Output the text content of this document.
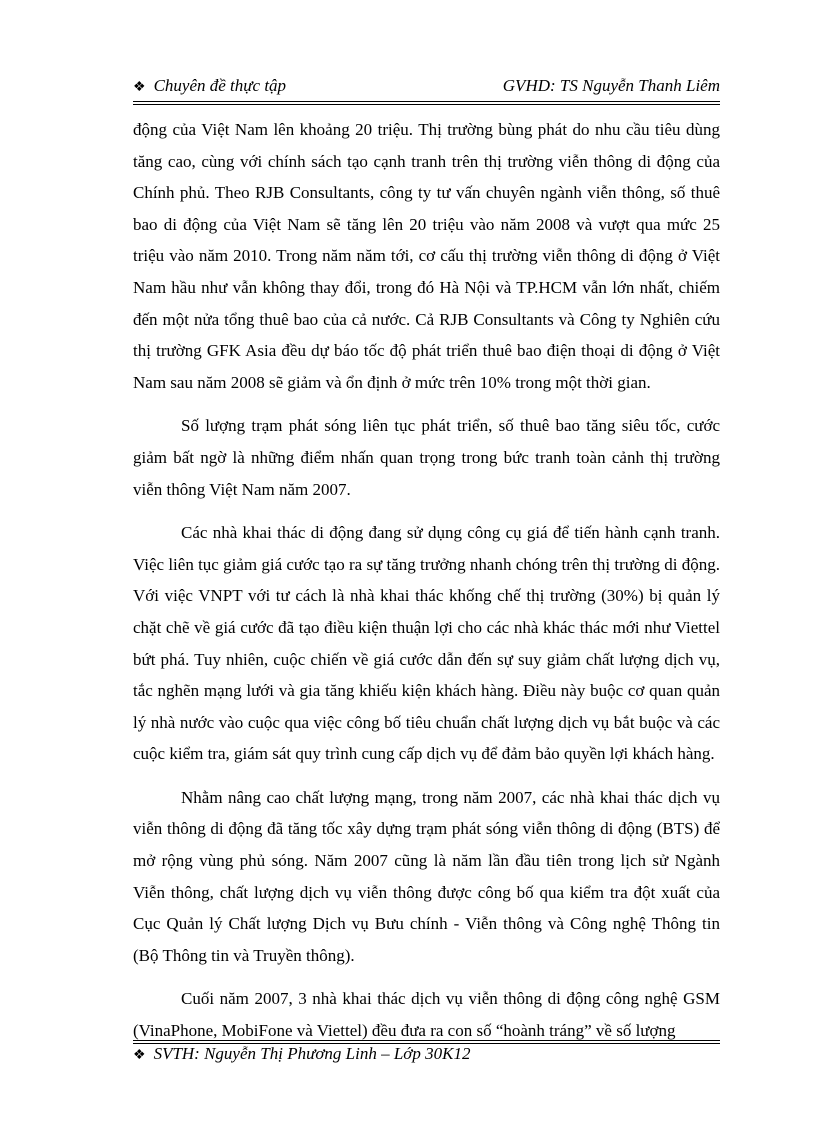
❖ Chuyên đề thực tập	GVHD: TS Nguyễn Thanh Liêm

động của Việt Nam lên khoảng 20 triệu. Thị trường bùng phát do nhu cầu tiêu dùng tăng cao, cùng với chính sách tạo cạnh tranh trên thị trường viễn thông di động của Chính phủ. Theo RJB Consultants, công ty tư vấn chuyên ngành viễn thông, số thuê bao di động của Việt Nam sẽ tăng lên 20 triệu vào năm 2008 và vượt qua mức 25 triệu vào năm 2010. Trong năm năm tới, cơ cấu thị trường viễn thông di động ở Việt Nam hầu như vẫn không thay đổi, trong đó Hà Nội và TP.HCM vẫn lớn nhất, chiếm đến một nửa tổng thuê bao của cả nước. Cả RJB Consultants và Công ty Nghiên cứu thị trường GFK Asia đều dự báo tốc độ phát triển thuê bao điện thoại di động ở Việt Nam sau năm 2008 sẽ giảm và ổn định ở mức trên 10% trong một thời gian.

Số lượng trạm phát sóng liên tục phát triển, số thuê bao tăng siêu tốc, cước giảm bất ngờ là những điểm nhấn quan trọng trong bức tranh toàn cảnh thị trường viễn thông Việt Nam năm 2007.

Các nhà khai thác di động đang sử dụng công cụ giá để tiến hành cạnh tranh. Việc liên tục giảm giá cước tạo ra sự tăng trưởng nhanh chóng trên thị trường di động. Với việc VNPT với tư cách là nhà khai thác khống chế thị trường (30%) bị quản lý chặt chẽ về giá cước đã tạo điều kiện thuận lợi cho các nhà khác thác mới như Viettel bứt phá. Tuy nhiên, cuộc chiến về giá cước dẫn đến sự suy giảm chất lượng dịch vụ, tắc nghẽn mạng lưới và gia tăng khiếu kiện khách hàng. Điều này buộc cơ quan quản lý nhà nước vào cuộc qua việc công bố tiêu chuẩn chất lượng dịch vụ bắt buộc và các cuộc kiểm tra, giám sát quy trình cung cấp dịch vụ để đảm bảo quyền lợi khách hàng.

Nhằm nâng cao chất lượng mạng, trong năm 2007, các nhà khai thác dịch vụ viễn thông di động đã tăng tốc xây dựng trạm phát sóng viễn thông di động (BTS) để mở rộng vùng phủ sóng. Năm 2007 cũng là năm lần đầu tiên trong lịch sử Ngành Viễn thông, chất lượng dịch vụ viễn thông được công bố qua kiểm tra đột xuất của Cục Quản lý Chất lượng Dịch vụ Bưu chính - Viễn thông và Công nghệ Thông tin (Bộ Thông tin và Truyền thông).

Cuối năm 2007, 3 nhà khai thác dịch vụ viễn thông di động công nghệ GSM (VinaPhone, MobiFone và Viettel) đều đưa ra con số “hoành tráng” về số lượng

❖ SVTH: Nguyễn Thị Phương Linh – Lớp 30K12
